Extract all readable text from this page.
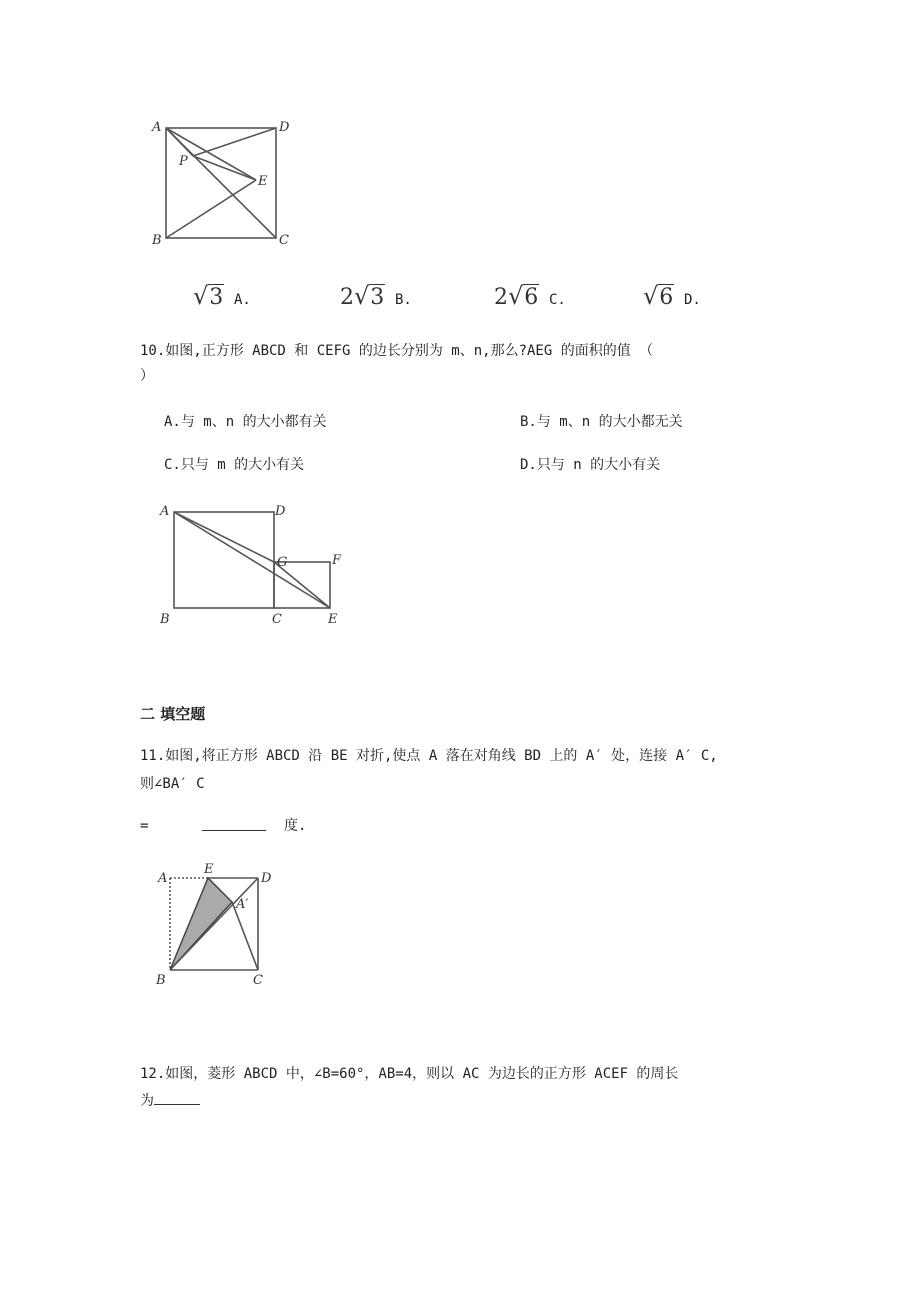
A	D
P
E
B	C
√3 A.	2√3 B.	2√6 C.	√6 D.
10.如图,正方形 ABCD 和 CEFG 的边长分别为 m、n,那么?AEG 的面积的值 （
）
A.与 m、n 的大小都有关	B.与 m、n 的大小都无关
C.只与 m 的大小有关	D.只与 n 的大小有关
A	D
G	F
B	C	E
二 填空题
11.如图,将正方形 ABCD 沿 BE 对折,使点 A 落在对角线 BD 上的 A′ 处，连接 A′ C,
则∠BA′ C
=	度.
A
E
D
A′
B	C
12.如图，菱形 ABCD 中，∠B=60°，AB=4，则以 AC 为边长的正方形 ACEF 的周长
为
